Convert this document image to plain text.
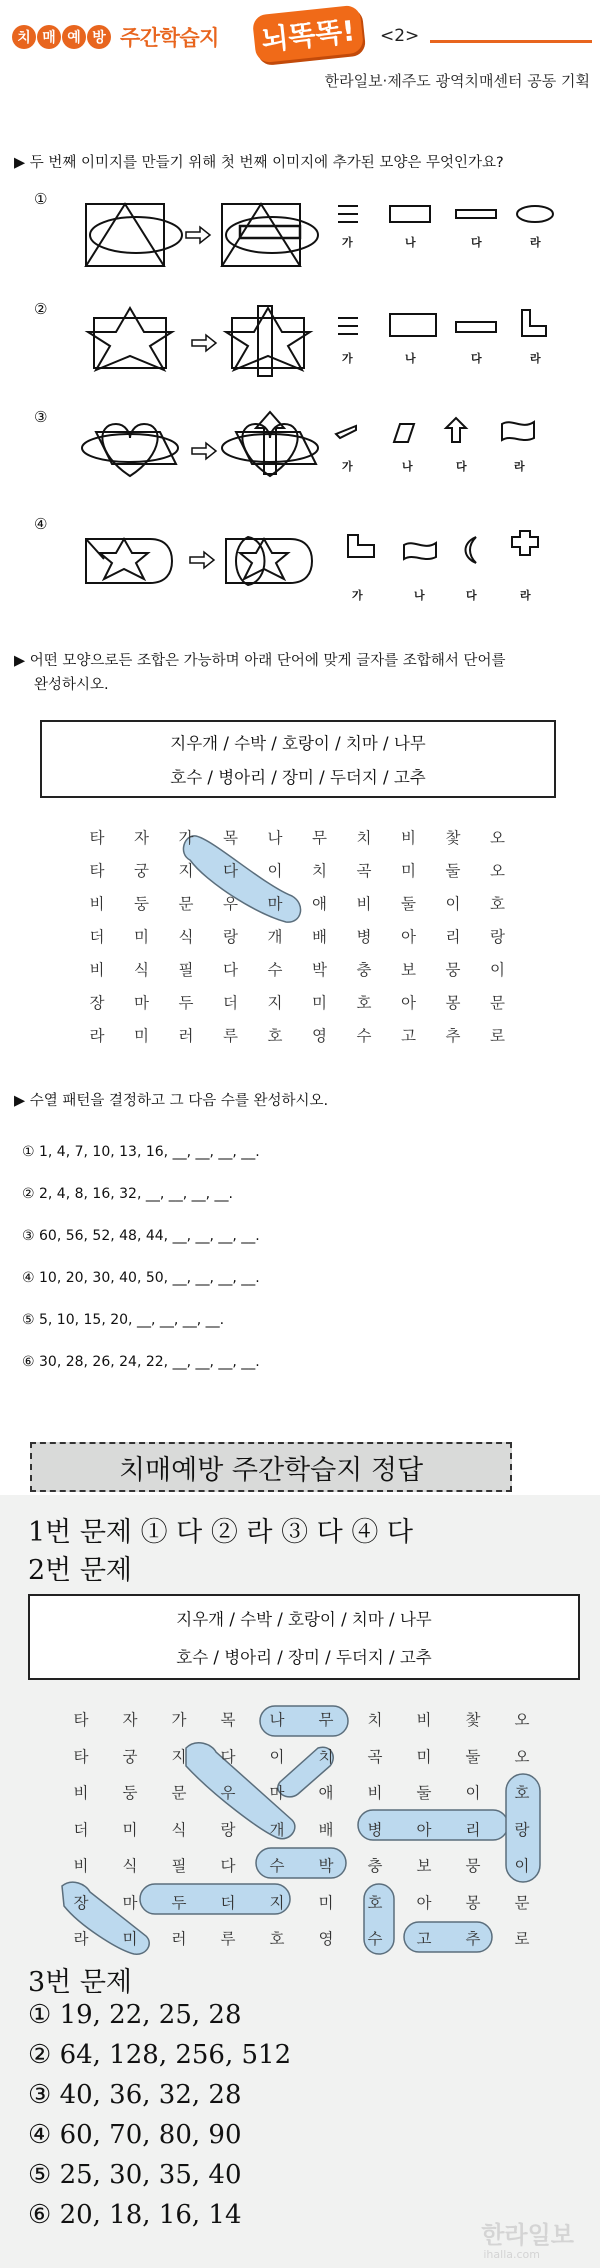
치 매 예 방 주간학습지 뇌똑똑!	<2>
한라일보·제주도 광역치매센터 공동 기획
▶ 두 번째 이미지를 만들기 위해 첫 번째 이미지에 추가된 모양은 무엇인가요?
①
가	나	다	라
②
가	나	다	라
③
가	나	다	라
④
가	나	다	라
▶ 어떤 모양으로든 조합은 가능하며 아래 단어에 맞게 글자를 조합해서 단어를
완성하시오.
지우개 / 수박 / 호랑이 / 치마 / 나무
호수 / 병아리 / 장미 / 두더지 / 고추
타	자	가	목	나	무	치	비	찿	오
타	궁	지	다	이	치	곡	미	둘	오
비	둥	문	우	마	애	비	둘	이	호
더	미	식	랑	개	배	병	아	리	랑
비	식	필	다	수	박	충	보	뭉	이
장	마	두	더	지	미	호	아	몽	문
라	미	러	루	호	영	수	고	추	로
▶ 수열 패턴을 결정하고 그 다음 수를 완성하시오.
① 1, 4, 7, 10, 13, 16, __, __, __, __.
② 2, 4, 8, 16, 32, __, __, __, __.
③ 60, 56, 52, 48, 44, __, __, __, __.
④ 10, 20, 30, 40, 50, __, __, __, __.
⑤ 5, 10, 15, 20, __, __, __, __.
⑥ 30, 28, 26, 24, 22, __, __, __, __.
치매예방 주간학습지 정답
1번 문제 ① 다 ② 라 ③ 다 ④ 다
2번 문제
지우개 / 수박 / 호랑이 / 치마 / 나무
호수 / 병아리 / 장미 / 두더지 / 고추
타	자	가	목	나	무	치	비	찿	오
타	궁	지	다	이	치	곡	미	둘	오
비	둥	문	우	마	애	비	둘	이	호
더	미	식	랑	개	배	병	아	리	랑
비	식	필	다	수	박	충	보	뭉	이
장	마	두	더	지	미	호	아	몽	문
라	미	러	루	호	영	수	고	추	로
3번 문제
① 19, 22, 25, 28
② 64, 128, 256, 512
③ 40, 36, 32, 28
④ 60, 70, 80, 90
⑤ 25, 30, 35, 40
⑥ 20, 18, 16, 14
한라일보
ihalla.com
